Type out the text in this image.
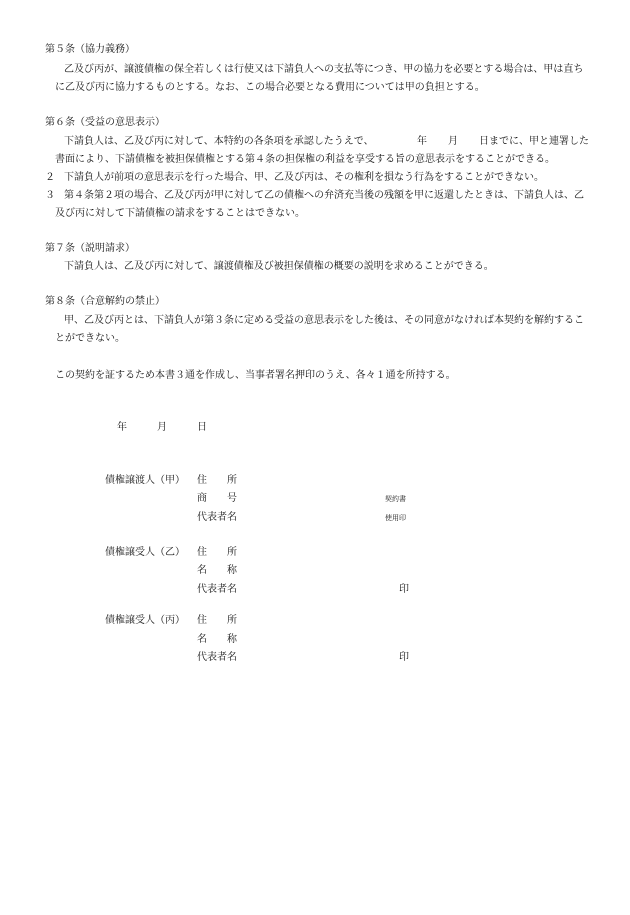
第５条（協力義務）
乙及び丙が、譲渡債権の保全若しくは行使又は下請負人への支払等につき、甲の協力を必要とする場合は、甲は直ち
に乙及び丙に協力するものとする。なお、この場合必要となる費用については甲の負担とする。
第６条（受益の意思表示）
下請負人は、乙及び丙に対して、本特約の各条項を承認したうえで、	年 月 日までに、甲と連署した
書面により、下請債権を被担保債権とする第４条の担保権の利益を享受する旨の意思表示をすることができる。
２ 下請負人が前項の意思表示を行った場合、甲、乙及び丙は、その権利を損なう行為をすることができない。
３ 第４条第２項の場合、乙及び丙が甲に対して乙の債権への弁済充当後の残額を甲に返還したときは、下請負人は、乙
及び丙に対して下請債権の請求をすることはできない。
第７条（説明請求）
下請負人は、乙及び丙に対して、譲渡債権及び被担保債権の概要の説明を求めることができる。
第８条（合意解約の禁止）
甲、乙及び丙とは、下請負人が第３条に定める受益の意思表示をした後は、その同意がなければ本契約を解約するこ
とができない。
この契約を証するため本書３通を作成し、当事者署名押印のうえ、各々１通を所持する。
年	月	日
債権譲渡人（甲） 住　　所
商　　号
代表者名
契約書
使用印
債権譲受人（乙） 住　　所
名　　称
代表者名	印
債権譲受人（丙） 住　　所
名　　称
代表者名	印
